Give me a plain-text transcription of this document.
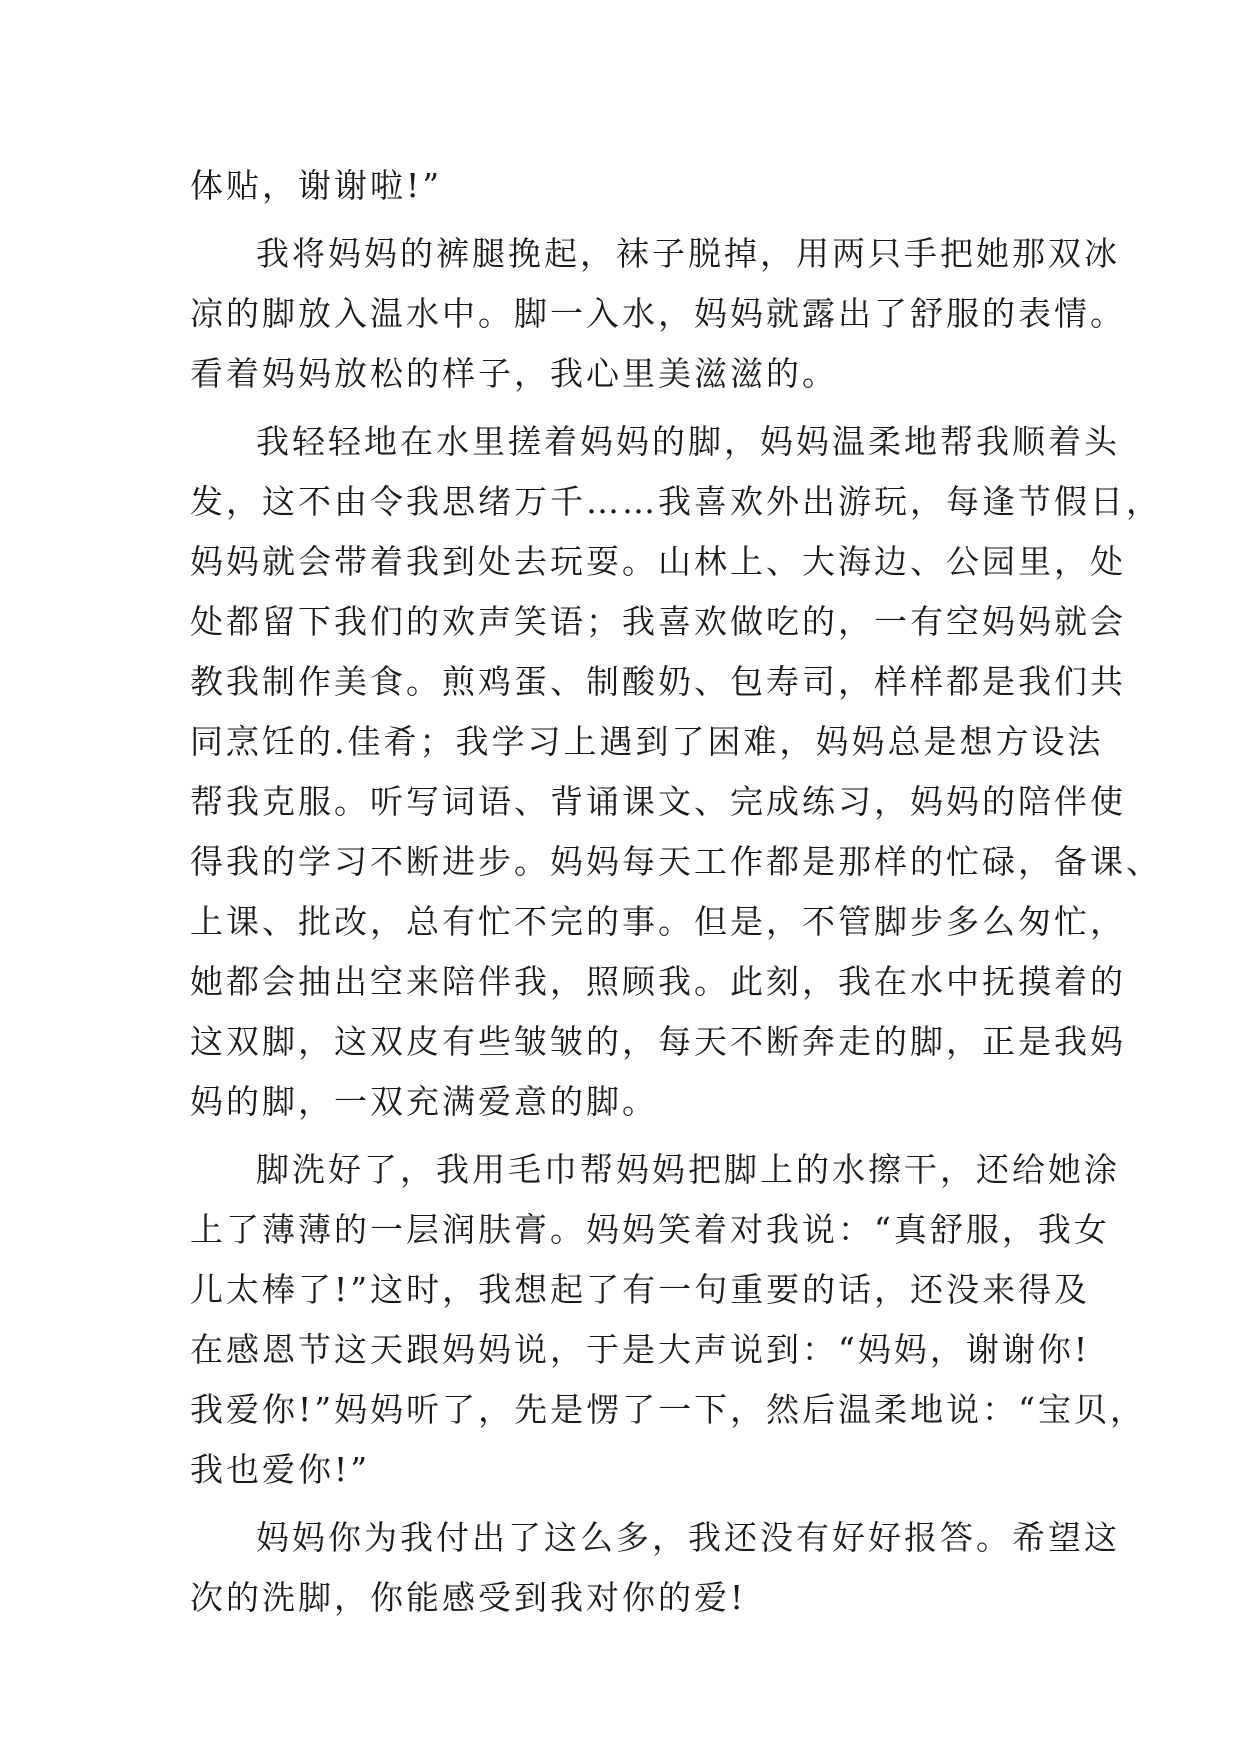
体贴，谢谢啦!”
我将妈妈的裤腿挽起，袜子脱掉，用两只手把她那双冰
凉的脚放入温水中。脚一入水，妈妈就露出了舒服的表情。
看着妈妈放松的样子，我心里美滋滋的。
我轻轻地在水里搓着妈妈的脚，妈妈温柔地帮我顺着头
发，这不由令我思绪万千……我喜欢外出游玩，每逢节假日，
妈妈就会带着我到处去玩耍。山林上、大海边、公园里，处
处都留下我们的欢声笑语；我喜欢做吃的，一有空妈妈就会
教我制作美食。煎鸡蛋、制酸奶、包寿司，样样都是我们共
同烹饪的.佳肴；我学习上遇到了困难，妈妈总是想方设法
帮我克服。听写词语、背诵课文、完成练习，妈妈的陪伴使
得我的学习不断进步。妈妈每天工作都是那样的忙碌，备课、
上课、批改，总有忙不完的事。但是，不管脚步多么匆忙，
她都会抽出空来陪伴我，照顾我。此刻，我在水中抚摸着的
这双脚，这双皮有些皱皱的，每天不断奔走的脚，正是我妈
妈的脚，一双充满爱意的脚。
脚洗好了，我用毛巾帮妈妈把脚上的水擦干，还给她涂
上了薄薄的一层润肤膏。妈妈笑着对我说：“真舒服，我女
儿太棒了!”这时，我想起了有一句重要的话，还没来得及
在感恩节这天跟妈妈说，于是大声说到：“妈妈，谢谢你!
我爱你!”妈妈听了，先是愣了一下，然后温柔地说：“宝贝，
我也爱你!”
妈妈你为我付出了这么多，我还没有好好报答。希望这
次的洗脚，你能感受到我对你的爱!
